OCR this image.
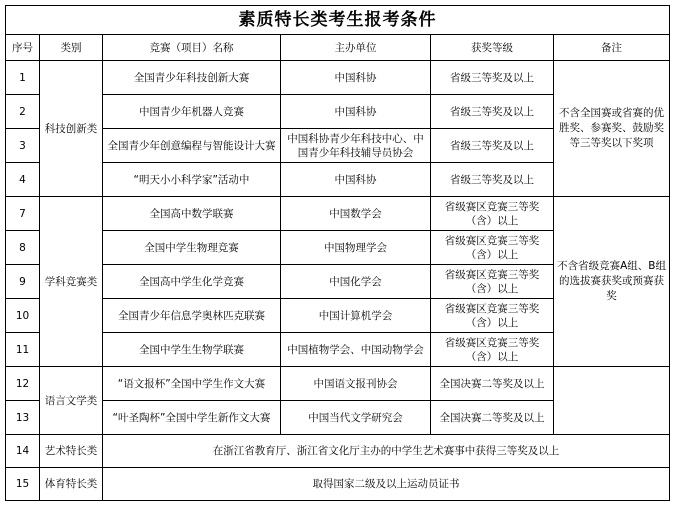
素质特长类考生报考条件					
序号	类别	竞赛（项目）名称	主办单位	获奖等级	备注
1	科技创新类	全国青少年科技创新大赛	中国科协	省级三等奖及以上	不含全国赛或省赛的优胜奖、参赛奖、鼓励奖等三等奖以下奖项
2		中国青少年机器人竞赛	中国科协	省级三等奖及以上	
3		全国青少年创意编程与智能设计大赛	中国科协青少年科技中心、中国青少年科技辅导员协会	省级三等奖及以上	
4		“明天小小科学家”活动中	中国科协	省级三等奖及以上	
7	学科竞赛类	全国高中数学联赛	中国数学会	省级赛区竞赛三等奖（含）以上	不含省级竞赛A组、B组的选拔赛获奖或预赛获奖
8		全国中学生物理竞赛	中国物理学会	省级赛区竞赛三等奖（含）以上	
9		全国高中学生化学竞赛	中国化学会	省级赛区竞赛三等奖（含）以上	
10		全国青少年信息学奥林匹克联赛	中国计算机学会	省级赛区竞赛三等奖（含）以上	
11		全国中学生生物学联赛	中国植物学会、中国动物学会	省级赛区竞赛三等奖（含）以上	
12	语言文学类	“语文报杯”全国中学生作文大赛	中国语文报刊协会	全国决赛二等奖及以上	
13		“叶圣陶杯”全国中学生新作文大赛	中国当代文学研究会	全国决赛二等奖及以上	
14	艺术特长类	在浙江省教育厅、浙江省文化厅主办的中学生艺术赛事中获得三等奖及以上			
15	体育特长类	取得国家二级及以上运动员证书			
